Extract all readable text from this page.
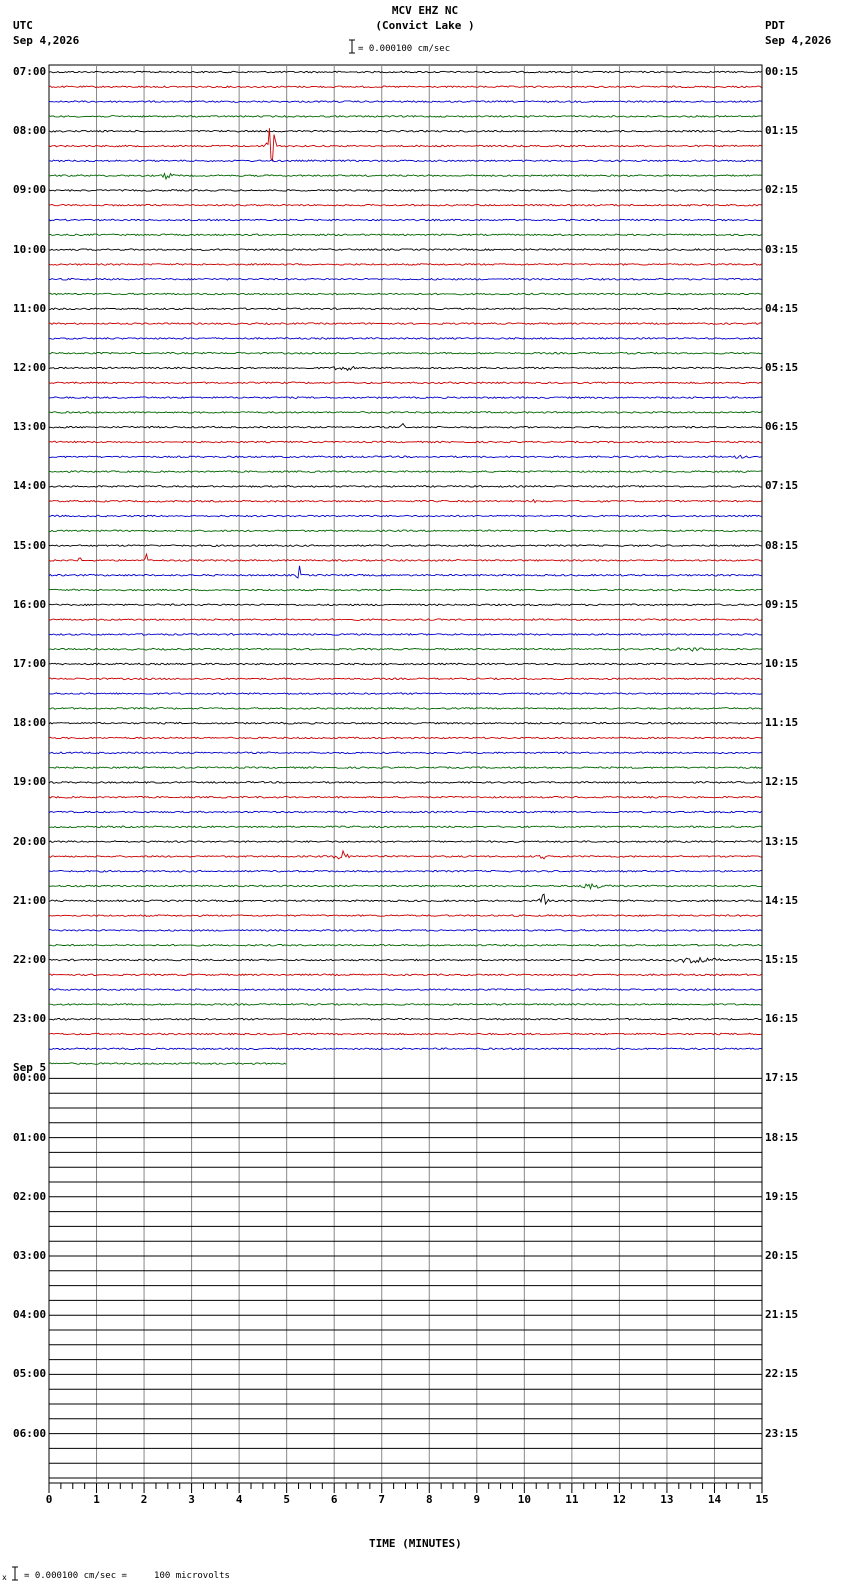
0	1	2	3	4	5	6	7	8	9	10	11	12	13	14	15
MCV EHZ NC
(Convict Lake )
= 0.000100 cm/sec
UTC
Sep 4,2026
PDT
Sep 4,2026
Sep 5
TIME (MINUTES)
x = 0.000100 cm/sec =     100 microvolts
07:00	00:15
08:00	01:15
09:00	02:15
10:00	03:15
11:00	04:15
12:00	05:15
13:00	06:15
14:00	07:15
15:00	08:15
16:00	09:15
17:00	10:15
18:00	11:15
19:00	12:15
20:00	13:15
21:00	14:15
22:00	15:15
23:00	16:15
00:00	17:15
01:00	18:15
02:00	19:15
03:00	20:15
04:00	21:15
05:00	22:15
06:00	23:15
